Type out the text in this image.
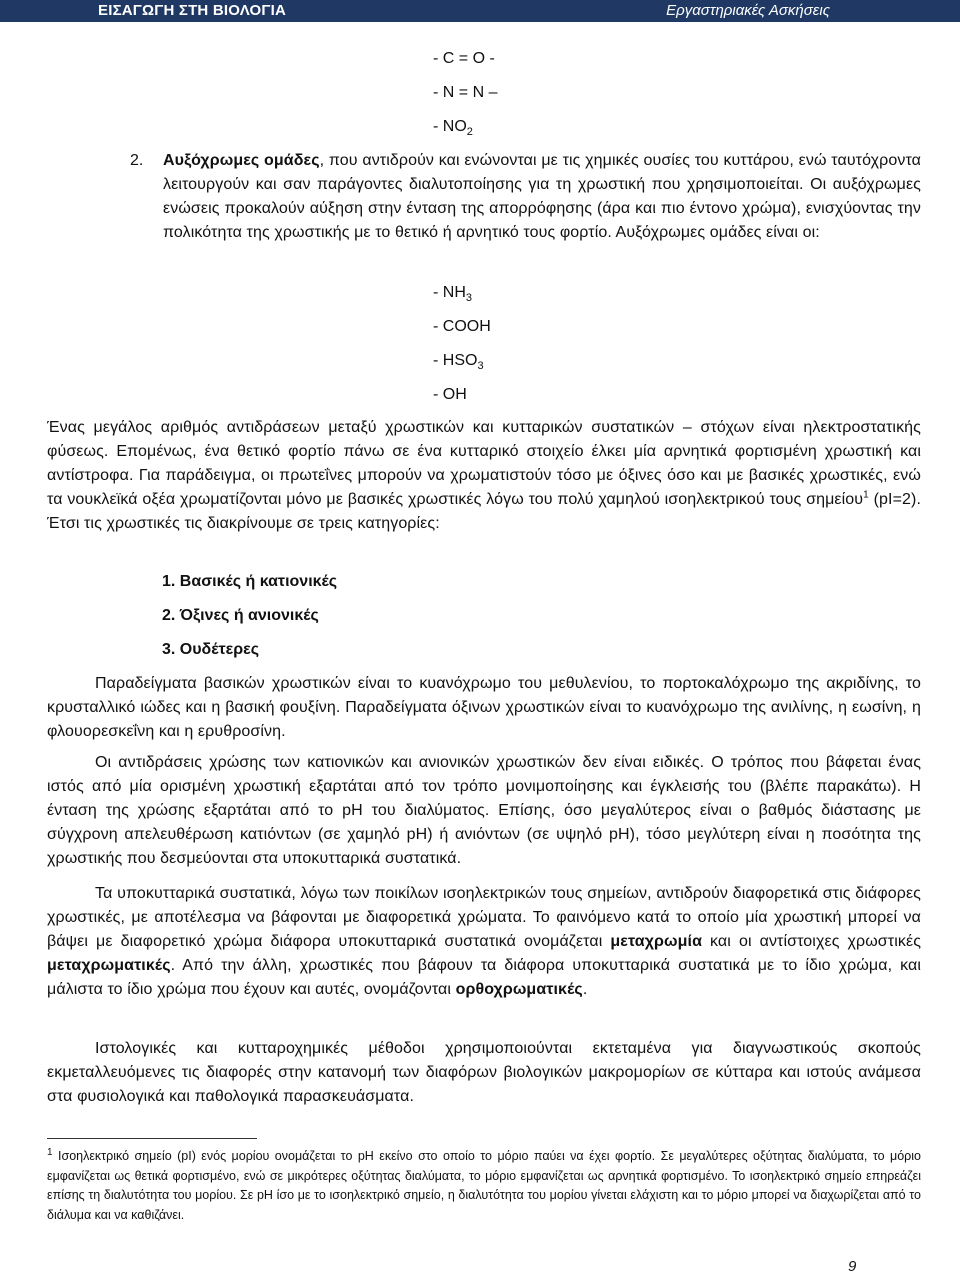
ΕΙΣΑΓΩΓΗ ΣΤΗ ΒΙΟΛΟΓΙΑ	Εργαστηριακές Ασκήσεις
- C = O -
- N = N –
- $NO_2$
2. Αυξόχρωμες ομάδες, που αντιδρούν και ενώνονται με τις χημικές ουσίες του κυττάρου, ενώ ταυτόχροντα λειτουργούν και σαν παράγοντες διαλυτοποίησης για τη χρωστική που χρησιμοποιείται. Οι αυξόχρωμες ενώσεις προκαλούν αύξηση στην ένταση της απορρόφησης (άρα και πιο έντονο χρώμα), ενισχύοντας την πολικότητα της χρωστικής με το θετικό ή αρνητικό τους φορτίο. Αυξόχρωμες ομάδες είναι οι:
- $NH_3$
- COOH
- $HSO_3$
- OH
Ένας μεγάλος αριθμός αντιδράσεων μεταξύ χρωστικών και κυτταρικών συστατικών – στόχων είναι ηλεκτροστατικής φύσεως. Επομένως, ένα θετικό φορτίο πάνω σε ένα κυτταρικό στοιχείο έλκει μία αρνητικά φορτισμένη χρωστική και αντίστροφα. Για παράδειγμα, οι πρωτεΐνες μπορούν να χρωματιστούν τόσο με όξινες όσο και με βασικές χρωστικές, ενώ τα νουκλεϊκά οξέα χρωματίζονται μόνο με βασικές χρωστικές λόγω του πολύ χαμηλού ισοηλεκτρικού τους σημείου$^1$ (pI=2). Έτσι τις χρωστικές τις διακρίνουμε σε τρεις κατηγορίες:
1. Βασικές ή κατιονικές
2. Όξινες ή ανιονικές
3. Ουδέτερες
Παραδείγματα βασικών χρωστικών είναι το κυανόχρωμο του μεθυλενίου, το πορτοκαλόχρωμο της ακριδίνης, το κρυσταλλικό ιώδες και η βασική φουξίνη. Παραδείγματα όξινων χρωστικών είναι το κυανόχρωμο της ανιλίνης, η εωσίνη, η φλουορεσκεΐνη και η ερυθροσίνη.
Οι αντιδράσεις χρώσης των κατιονικών και ανιονικών χρωστικών δεν είναι ειδικές. Ο τρόπος που βάφεται ένας ιστός από μία ορισμένη χρωστική εξαρτάται από τον τρόπο μονιμοποίησης και έγκλεισής του (βλέπε παρακάτω). Η ένταση της χρώσης εξαρτάται από το pH του διαλύματος. Επίσης, όσο μεγαλύτερος είναι ο βαθμός διάστασης με σύγχρονη απελευθέρωση κατιόντων (σε χαμηλό pH) ή ανιόντων (σε υψηλό pH), τόσο μεγλύτερη είναι η ποσότητα της χρωστικής που δεσμεύονται στα υποκυτταρικά συστατικά.
Τα υποκυτταρικά συστατικά, λόγω των ποικίλων ισοηλεκτρικών τους σημείων, αντιδρούν διαφορετικά στις διάφορες χρωστικές, με αποτέλεσμα να βάφονται με διαφορετικά χρώματα. Το φαινόμενο κατά το οποίο μία χρωστική μπορεί να βάψει με διαφορετικό χρώμα διάφορα υποκυτταρικά συστατικά ονομάζεται μεταχρωμία και οι αντίστοιχες χρωστικές μεταχρωματικές. Από την άλλη, χρωστικές που βάφουν τα διάφορα υποκυτταρικά συστατικά με το ίδιο χρώμα, και μάλιστα το ίδιο χρώμα που έχουν και αυτές, ονομάζονται ορθοχρωματικές.
Ιστολογικές και κυτταροχημικές μέθοδοι χρησιμοποιούνται εκτεταμένα για διαγνωστικούς σκοπούς εκμεταλλευόμενες τις διαφορές στην κατανομή των διαφόρων βιολογικών μακρομορίων σε κύτταρα και ιστούς ανάμεσα στα φυσιολογικά και παθολογικά παρασκευάσματα.
$^1$ Ισοηλεκτρικό σημείο (pI) ενός μορίου ονομάζεται το pH εκείνο στο οποίο το μόριο παύει να έχει φορτίο. Σε μεγαλύτερες οξύτητας διαλύματα, το μόριο εμφανίζεται ως θετικά φορτισμένο, ενώ σε μικρότερες οξύτητας διαλύματα, το μόριο εμφανίζεται ως αρνητικά φορτισμένο. Το ισοηλεκτρικό σημείο επηρεάζει επίσης τη διαλυτότητα του μορίου. Σε pH ίσο με το ισοηλεκτρικό σημείο, η διαλυτότητα του μορίου γίνεται ελάχιστη και το μόριο μπορεί να διαχωρίζεται από το διάλυμα και να καθιζάνει.
9
